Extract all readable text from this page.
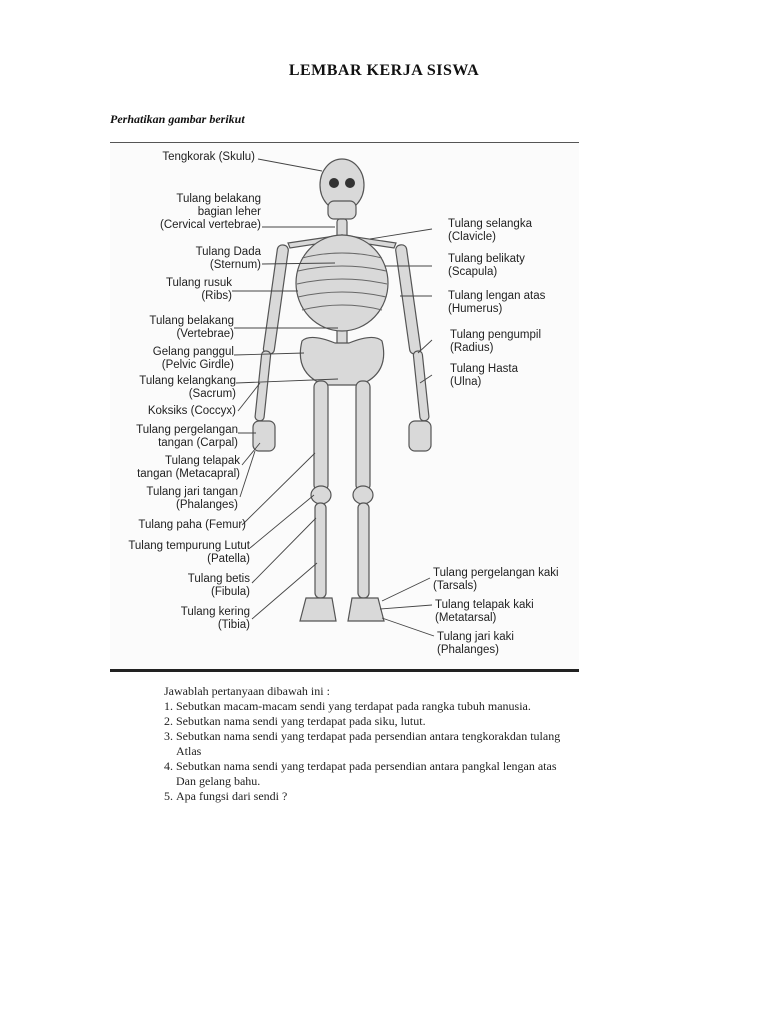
LEMBAR KERJA SISWA
Perhatikan gambar berikut
Tengkorak (Skulu)
Tulang belakang
bagian leher
(Cervical vertebrae)
Tulang Dada
(Sternum)
Tulang rusuk
(Ribs)
Tulang belakang
(Vertebrae)
Gelang panggul
(Pelvic Girdle)
Tulang kelangkang
(Sacrum)
Koksiks (Coccyx)
Tulang pergelangan
tangan (Carpal)
Tulang telapak
tangan (Metacapral)
Tulang jari tangan
(Phalanges)
Tulang paha (Femur)
Tulang tempurung Lutut
(Patella)
Tulang betis
(Fibula)
Tulang kering
(Tibia)
Tulang selangka
(Clavicle)
Tulang belikaty
(Scapula)
Tulang lengan atas
(Humerus)
Tulang pengumpil
(Radius)
Tulang Hasta
(Ulna)
Tulang pergelangan kaki
(Tarsals)
Tulang telapak kaki
(Metatarsal)
Tulang jari kaki
(Phalanges)
Jawablah pertanyaan dibawah ini :
1. Sebutkan macam-macam sendi yang terdapat pada rangka tubuh manusia.
2. Sebutkan nama sendi yang terdapat pada siku, lutut.
3. Sebutkan nama sendi yang terdapat pada persendian antara tengkorakdan tulang
Atlas
4. Sebutkan nama sendi yang terdapat pada persendian antara pangkal lengan atas
Dan gelang bahu.
5. Apa fungsi dari sendi ?
